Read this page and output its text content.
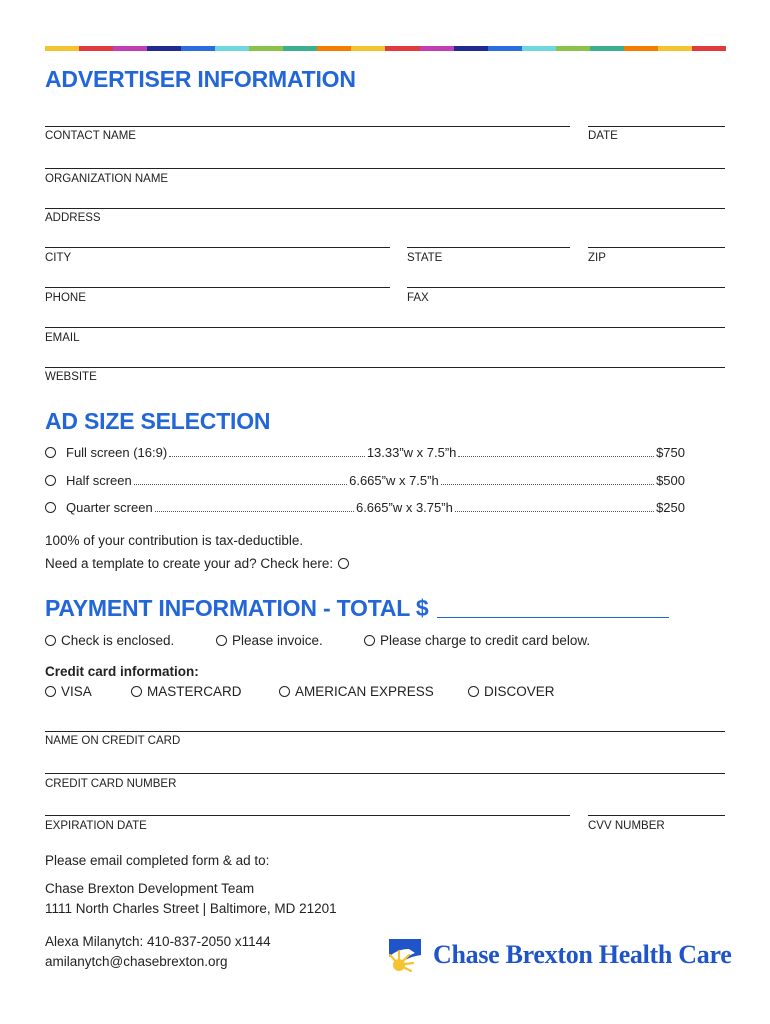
ADVERTISER INFORMATION
CONTACT NAME	DATE
ORGANIZATION NAME
ADDRESS
CITY	STATE	ZIP
PHONE	FAX
EMAIL
WEBSITE
AD SIZE SELECTION
Full screen (16:9)	13.33”w x 7.5”h	$750
Half screen	6.665”w x 7.5”h	$500
Quarter screen	6.665”w x 3.75”h	$250
100% of your contribution is tax-deductible.
Need a template to create your ad? Check here:
PAYMENT INFORMATION - TOTAL $
Check is enclosed.	Please invoice.	Please charge to credit card below.
Credit card information:
VISA	MASTERCARD	AMERICAN EXPRESS	DISCOVER
NAME ON CREDIT CARD
CREDIT CARD NUMBER
EXPIRATION DATE	CVV NUMBER
Please email completed form & ad to:
Chase Brexton Development Team
1111 North Charles Street | Baltimore, MD 21201
Alexa Milanytch: 410-837-2050 x1144
amilanytch@chasebrexton.org	Chase Brexton Health Care
